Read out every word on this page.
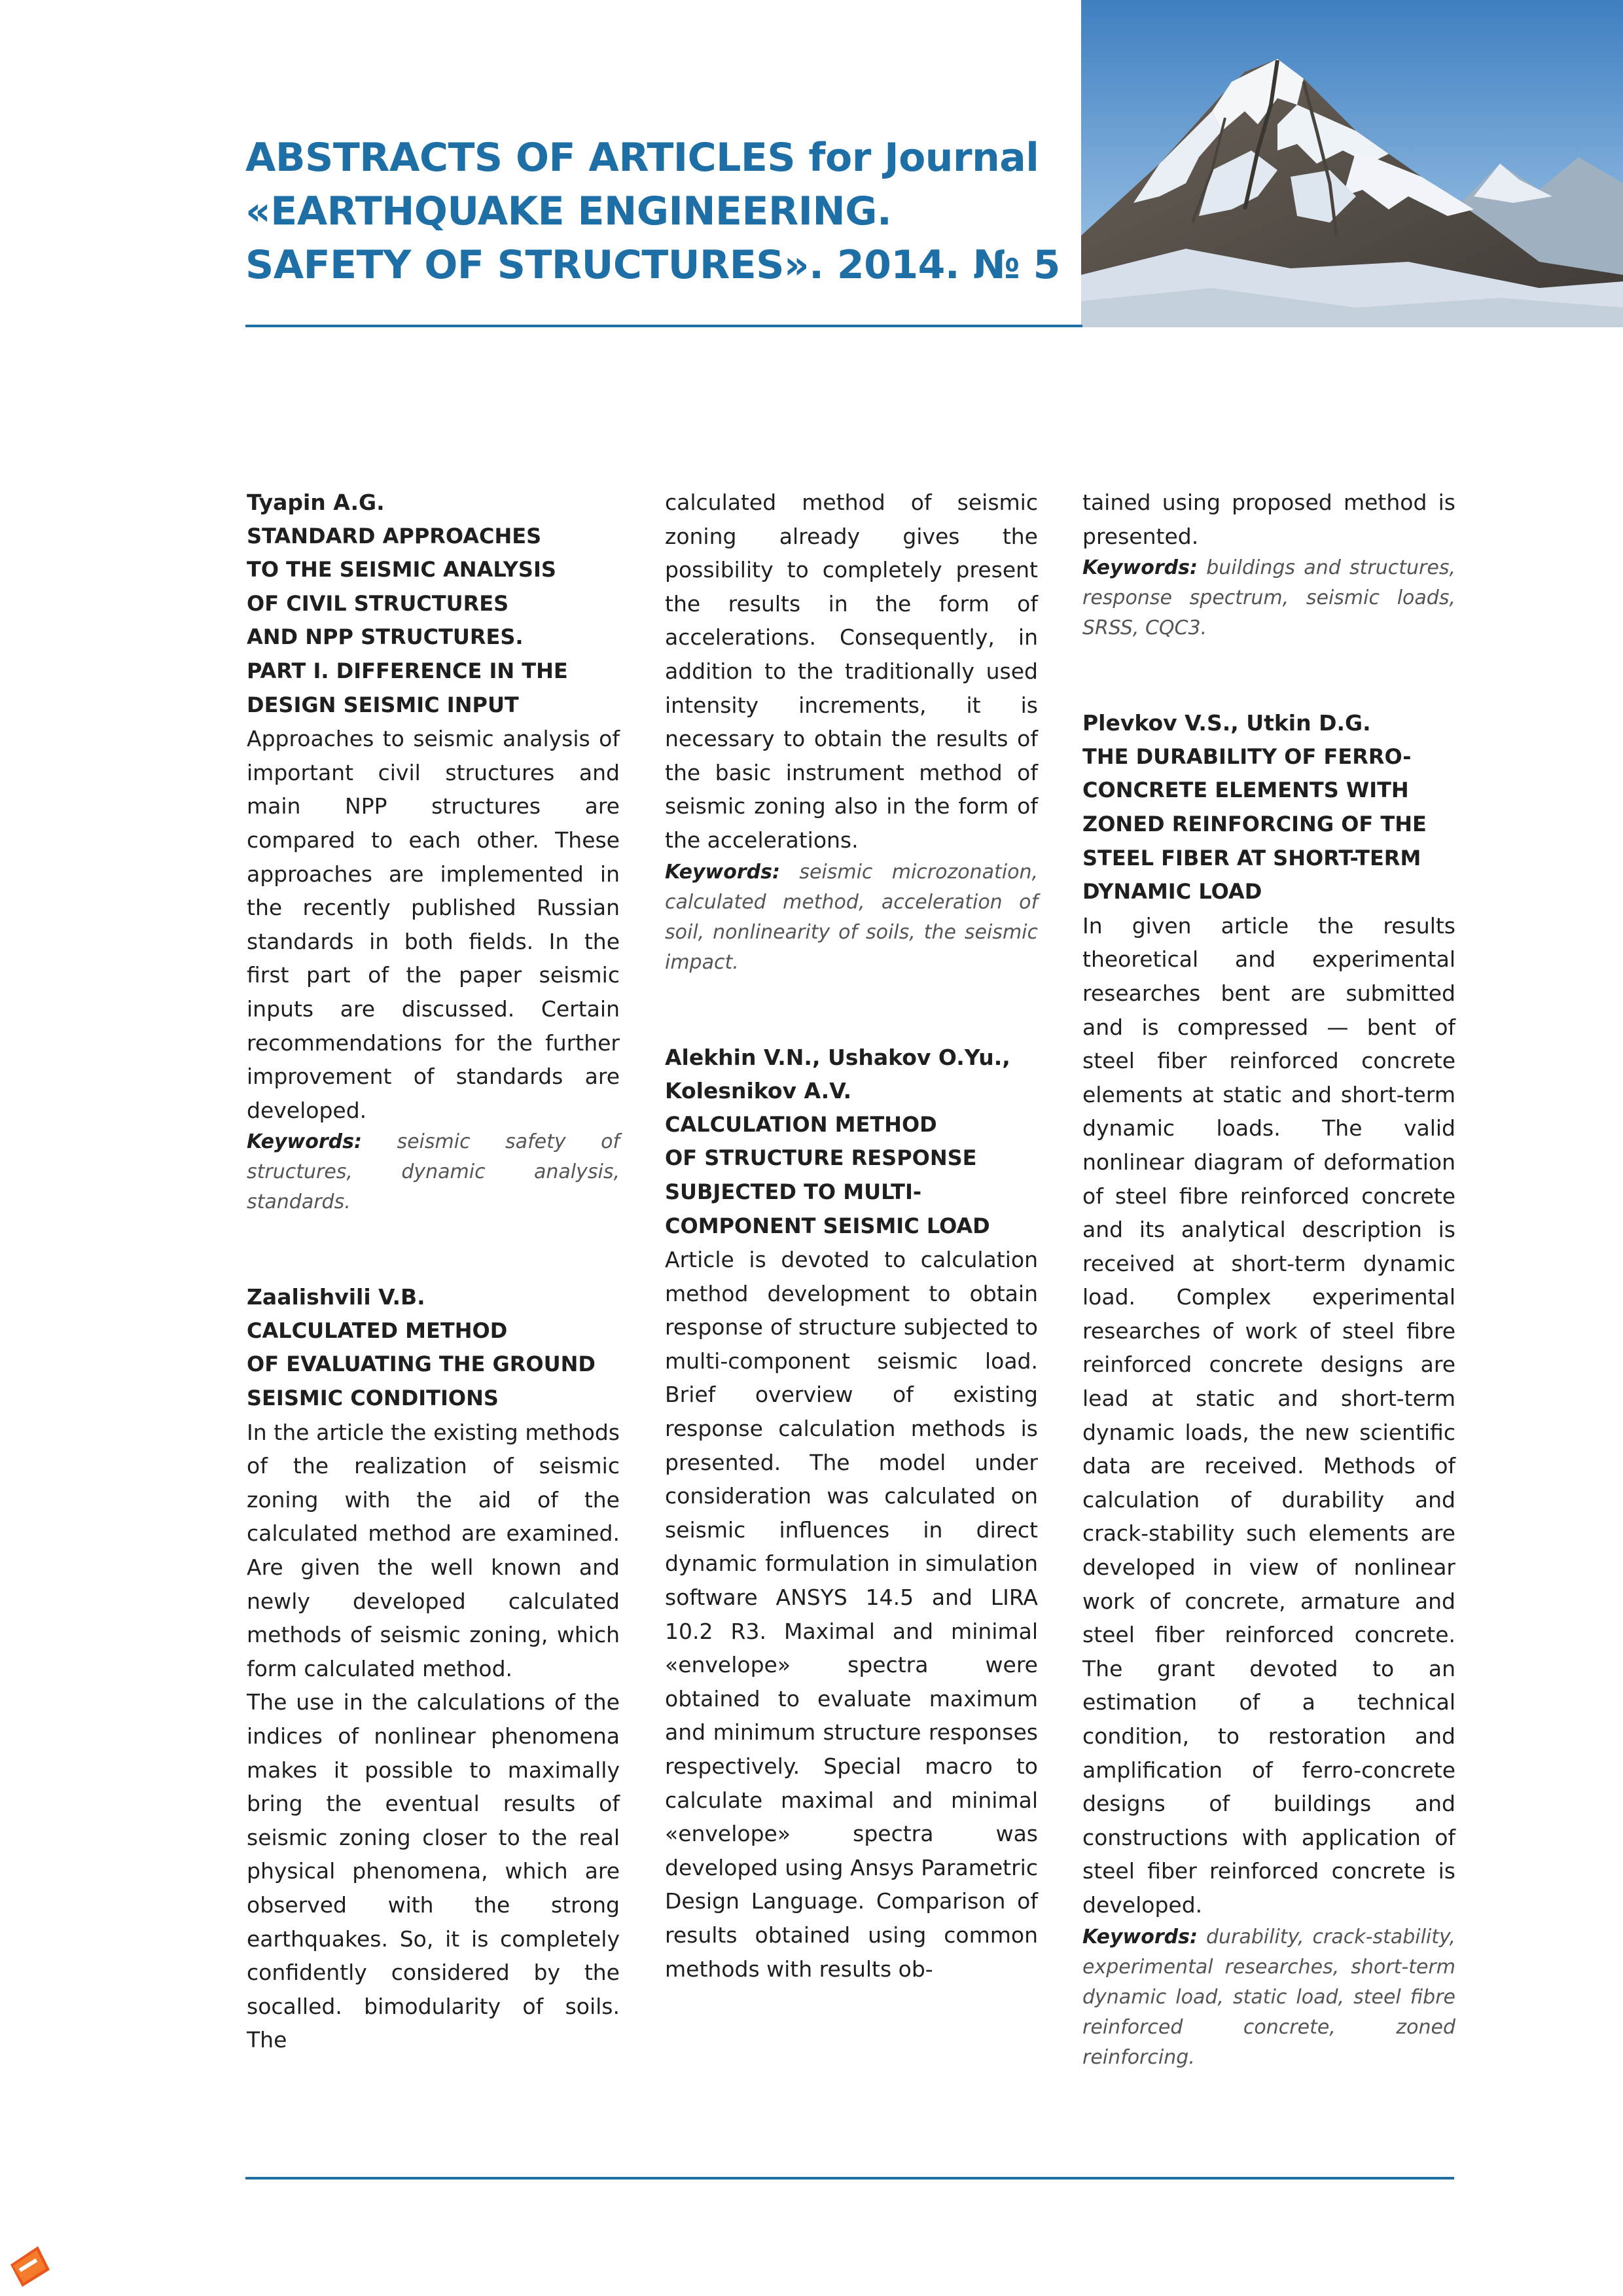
ABSTRACTS OF ARTICLES for Journal
«EARTHQUAKE ENGINEERING.
SAFETY OF STRUCTURES». 2014. № 5

Tyapin A.G.

STANDARD APPROACHES

TO THE SEISMIC ANALYSIS

OF CIVIL STRUCTURES

AND NPP STRUCTURES.

PART I. DIFFERENCE IN THE

DESIGN SEISMIC INPUT

Approaches to seismic analysis of important civil structures and main NPP structures are compared to each other. These approaches are implemented in the recently published Russian standards in both fields. In the first part of the paper seismic inputs are discussed. Certain recommendations for the further improvement of standards are developed.

Keywords: seismic safety of structures, dynamic analysis, standards.

Zaalishvili V.B.

CALCULATED METHOD

OF EVALUATING THE GROUND

SEISMIC CONDITIONS

In the article the existing methods of the realization of seismic zoning with the aid of the calculated method are examined. Are given the well known and newly developed calculated methods of seismic zoning, which form calculated method.

The use in the calculations of the indices of nonlinear phenomena makes it possible to maximally bring the eventual results of seismic zoning closer to the real physical phenomena, which are observed with the strong earthquakes. So, it is completely confidently considered by the socalled. bimodularity of soils. The

calculated method of seismic zoning already gives the possibility to completely present the results in the form of accelerations. Consequently, in addition to the traditionally used intensity increments, it is necessary to obtain the results of the basic instrument method of seismic zoning also in the form of the accelerations.

Keywords: seismic microzonation, calculated method, acceleration of soil, nonlinearity of soils, the seismic impact.

Alekhin V.N., Ushakov O.Yu.,

Kolesnikov A.V.

CALCULATION METHOD

OF STRUCTURE RESPONSE

SUBJECTED TO MULTI-

COMPONENT SEISMIC LOAD

Article is devoted to calculation method development to obtain response of structure subjected to multi-component seismic load. Brief overview of existing response calculation methods is presented. The model under consideration was calculated on seismic influences in direct dynamic formulation in simulation software ANSYS 14.5 and LIRA 10.2 R3. Maximal and minimal «envelope» spectra were obtained to evaluate maximum and minimum structure responses respectively. Special macro to calculate maximal and minimal «envelope» spectra was developed using Ansys Parametric Design Language. Comparison of results obtained using common methods with results ob-

tained using proposed method is presented.

Keywords: buildings and structures, response spectrum, seismic loads, SRSS, CQC3.

Plevkov V.S., Utkin D.G.

THE DURABILITY OF FERRO-

CONCRETE ELEMENTS WITH

ZONED REINFORCING OF THE

STEEL FIBER AT SHORT-TERM

DYNAMIC LOAD

In given article the results theoretical and experimental researches bent are submitted and is compressed — bent of steel fiber reinforced concrete elements at static and short-term dynamic loads. The valid nonlinear diagram of deformation of steel fibre reinforced concrete and its analytical description is received at short-term dynamic load. Complex experimental researches of work of steel fibre reinforced concrete designs are lead at static and short-term dynamic loads, the new scientific data are received. Methods of calculation of durability and crack-stability such elements are developed in view of nonlinear work of concrete, armature and steel fiber reinforced concrete. The grant devoted to an estimation of a technical condition, to restoration and amplification of ferro-concrete designs of buildings and constructions with application of steel fiber reinforced concrete is developed.

Keywords: durability, crack-stability, experimental researches, short-term dynamic load, static load, steel fibre reinforced concrete, zoned reinforcing.
